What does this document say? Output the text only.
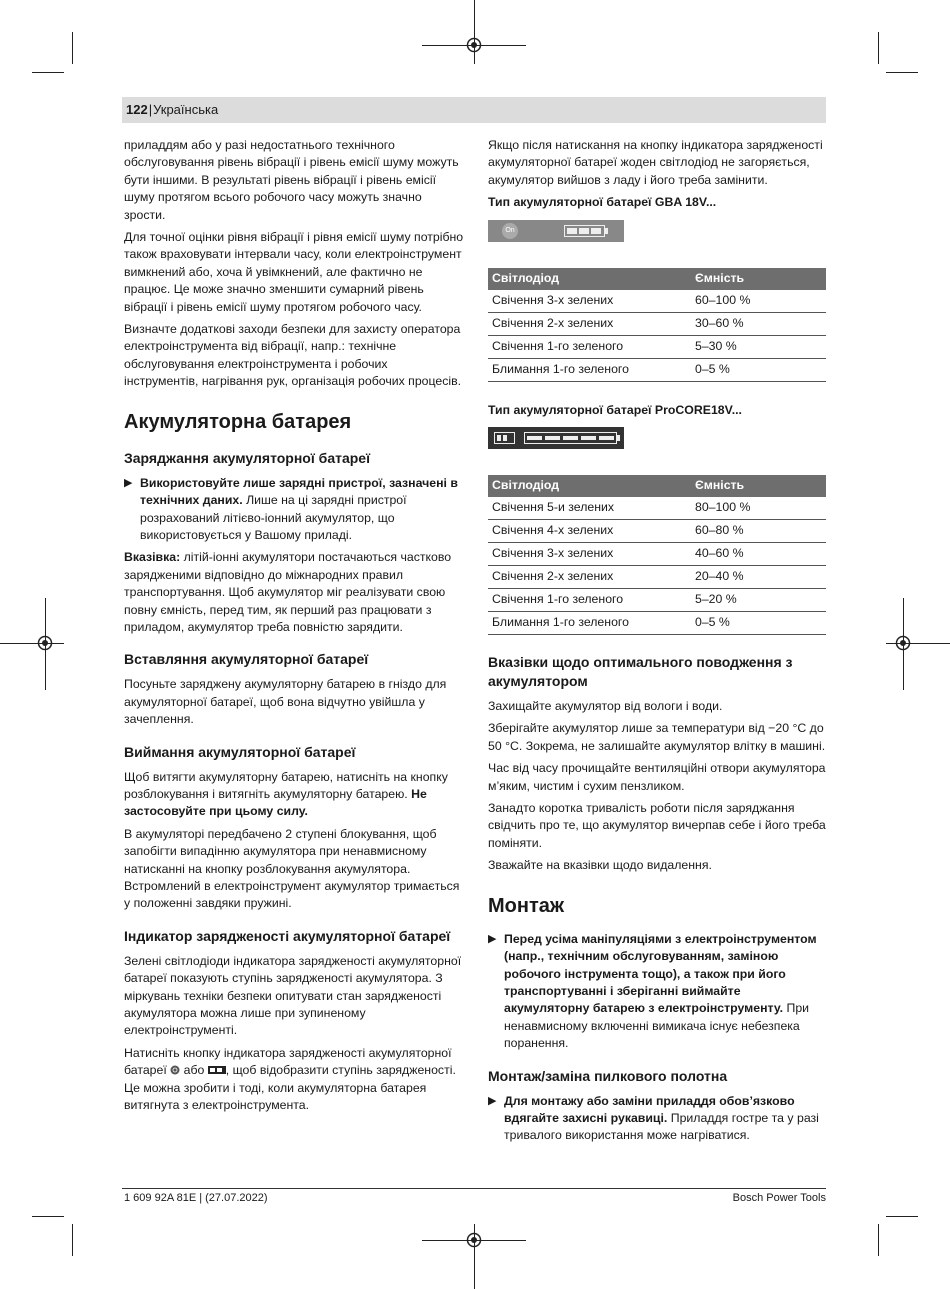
122|Українська

приладдям або у разі недостатнього технічного обслуговування рівень вібрації і рівень емісії шуму можуть бути іншими. В результаті рівень вібрації і рівень емісії шуму протягом всього робочого часу можуть значно зрости.

Для точної оцінки рівня вібрації і рівня емісії шуму потрібно також враховувати інтервали часу, коли електроінструмент вимкнений або, хоча й увімкнений, але фактично не працює. Це може значно зменшити сумарний рівень вібрації і рівень емісії шуму протягом робочого часу.

Визначте додаткові заходи безпеки для захисту оператора електроінструмента від вібрації, напр.: технічне обслуговування електроінструмента і робочих інструментів, нагрівання рук, організація робочих процесів.

Акумуляторна батарея
Заряджання акумуляторної батареї

▶ Використовуйте лише зарядні пристрої, зазначені в технічних даних. Лише на ці зарядні пристрої розрахований літієво-іонний акумулятор, що використовується у Вашому приладі.

Вказівка: літій-іонні акумулятори постачаються частково зарядженими відповідно до міжнародних правил транспортування. Щоб акумулятор міг реалізувати свою повну ємність, перед тим, як перший раз працювати з приладом, акумулятор треба повністю зарядити.

Вставляння акумуляторної батареї

Посуньте заряджену акумуляторну батарею в гніздо для акумуляторної батареї, щоб вона відчутно увійшла у зачеплення.

Виймання акумуляторної батареї

Щоб витягти акумуляторну батарею, натисніть на кнопку розблокування і витягніть акумуляторну батарею. Не застосовуйте при цьому силу.

В акумуляторі передбачено 2 ступені блокування, щоб запобігти випадінню акумулятора при ненавмисному натисканні на кнопку розблокування акумулятора. Встромлений в електроінструмент акумулятор тримається у положенні завдяки пружині.

Індикатор зарядженості акумуляторної батареї

Зелені світлодіоди індикатора зарядженості акумуляторної батареї показують ступінь зарядженості акумулятора. З міркувань техніки безпеки опитувати стан зарядженості акумулятора можна лише при зупиненому електроінструменті.

Натисніть кнопку індикатора зарядженості акумуляторної батареї  або , щоб відобразити ступінь зарядженості. Це можна зробити і тоді, коли акумуляторна батарея витягнута з електроінструмента.

Якщо після натискання на кнопку індикатора зарядженості акумуляторної батареї жоден світлодіод не загоряється, акумулятор вийшов з ладу і його треба замінити.

Тип акумуляторної батареї GBA 18V...
On
Світлодіод	Ємність
Свічення 3-х зелених	60–100 %
Свічення 2-х зелених	30–60 %
Свічення 1-го зеленого	5–30 %
Блимання 1-го зеленого	0–5 %
Тип акумуляторної батареї ProCORE18V...
Світлодіод	Ємність
Свічення 5-и зелених	80–100 %
Свічення 4-х зелених	60–80 %
Свічення 3-х зелених	40–60 %
Свічення 2-х зелених	20–40 %
Свічення 1-го зеленого	5–20 %
Блимання 1-го зеленого	0–5 %
Вказівки щодо оптимального поводження з акумулятором

Захищайте акумулятор від вологи і води.

Зберігайте акумулятор лише за температури від −20 °C до 50 °C. Зокрема, не залишайте акумулятор влітку в машині.

Час від часу прочищайте вентиляційні отвори акумулятора м’яким, чистим і сухим пензликом.

Занадто коротка тривалість роботи після заряджання свідчить про те, що акумулятор вичерпав себе і його треба поміняти.

Зважайте на вказівки щодо видалення.

Монтаж

▶ Перед усіма маніпуляціями з електроінструментом (напр., технічним обслуговуванням, заміною робочого інструмента тощо), а також при його транспортуванні і зберіганні виймайте акумуляторну батарею з електроінструменту. При ненавмисному включенні вимикача існує небезпека поранення.

Монтаж/заміна пилкового полотна

▶ Для монтажу або заміни приладдя обов’язково вдягайте захисні рукавиці. Приладдя гостре та у разі тривалого використання може нагріватися.

1 609 92A 81E | (27.07.2022)	Bosch Power Tools
